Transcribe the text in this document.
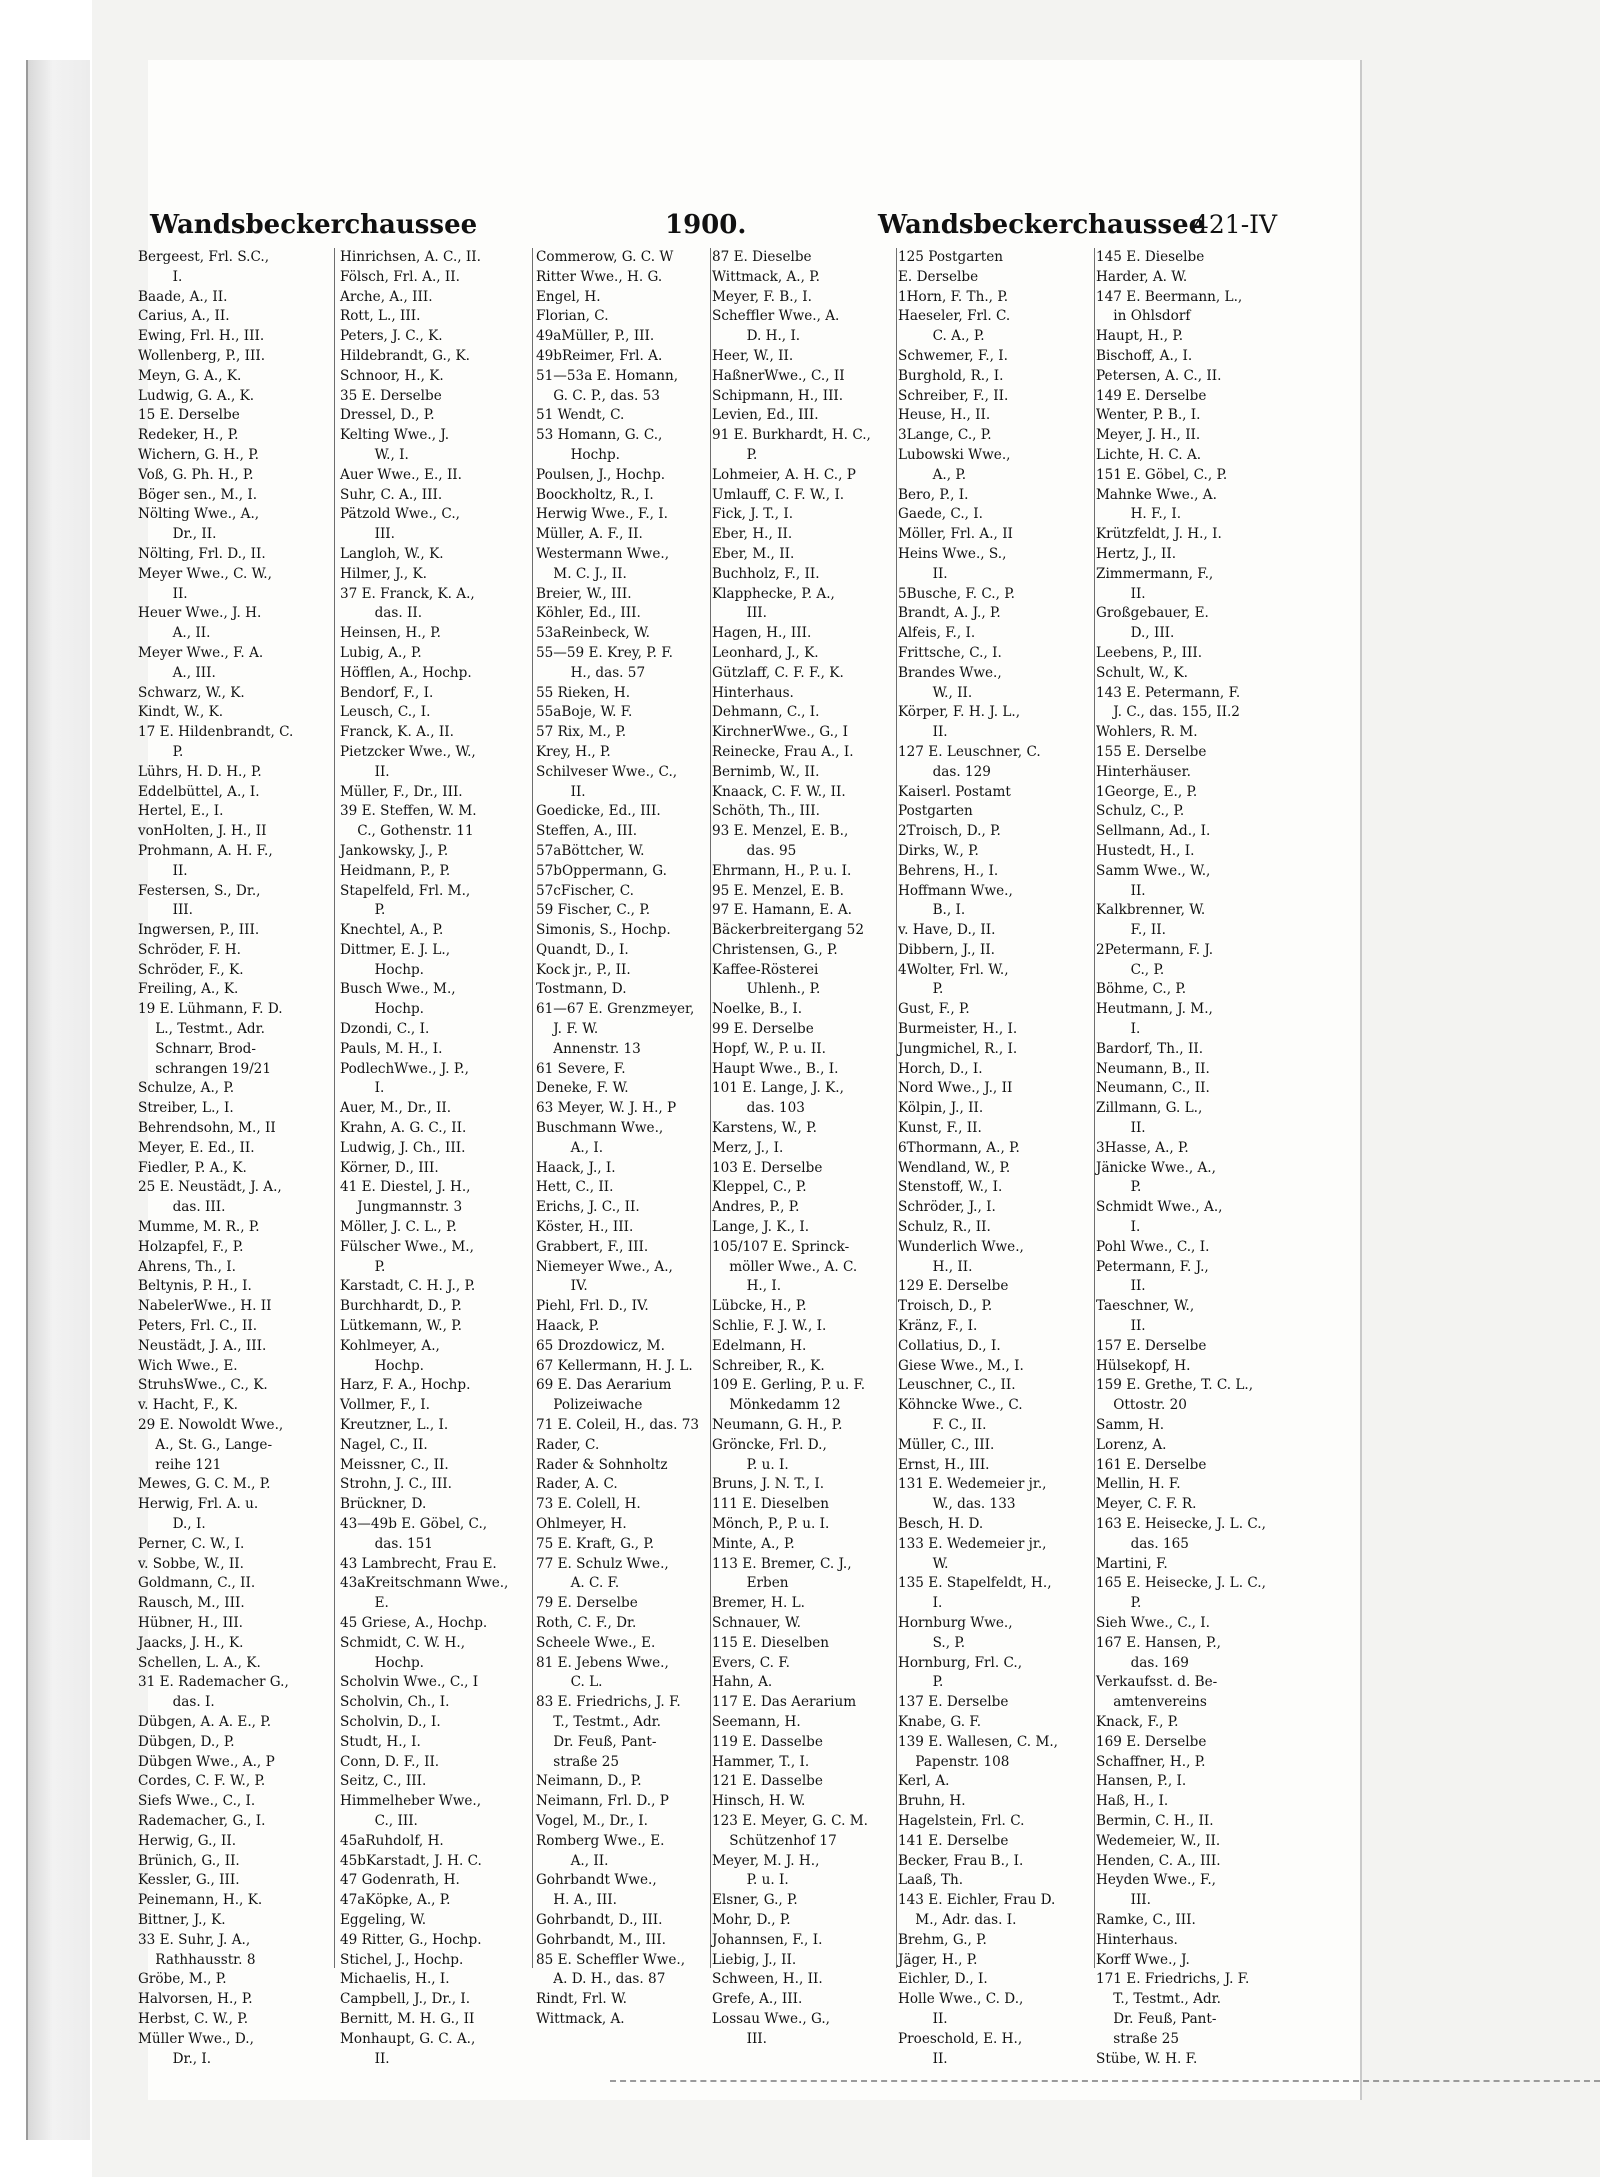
Wandsbeckerchaussee	1900.	Wandsbeckerchaussee
421-IV
Bergeest, Frl. S.C.,
I.
Baade, A., II.
Carius, A., II.
Ewing, Frl. H., III.
Wollenberg, P., III.
Meyn, G. A., K.
Ludwig, G. A., K.
15 E. Derselbe
Redeker, H., P.
Wichern, G. H., P.
Voß, G. Ph. H., P.
Böger sen., M., I.
Nölting Wwe., A.,
Dr., II.
Nölting, Frl. D., II.
Meyer Wwe., C. W.,
II.
Heuer Wwe., J. H.
A., II.
Meyer Wwe., F. A.
A., III.
Schwarz, W., K.
Kindt, W., K.
17 E. Hildenbrandt, C.
P.
Lührs, H. D. H., P.
Eddelbüttel, A., I.
Hertel, E., I.
vonHolten, J. H., II
Prohmann, A. H. F.,
II.
Festersen, S., Dr.,
III.
Ingwersen, P., III.
Schröder, F. H.
Schröder, F., K.
Freiling, A., K.
19 E. Lühmann, F. D.
L., Testmt., Adr.
Schnarr, Brod-
schrangen 19/21
Schulze, A., P.
Streiber, L., I.
Behrendsohn, M., II
Meyer, E. Ed., II.
Fiedler, P. A., K.
25 E. Neustädt, J. A.,
das. III.
Mumme, M. R., P.
Holzapfel, F., P.
Ahrens, Th., I.
Beltynis, P. H., I.
NabelerWwe., H. II
Peters, Frl. C., II.
Neustädt, J. A., III.
Wich Wwe., E.
StruhsWwe., C., K.
v. Hacht, F., K.
29 E. Nowoldt Wwe.,
A., St. G., Lange-
reihe 121
Mewes, G. C. M., P.
Herwig, Frl. A. u.
D., I.
Perner, C. W., I.
v. Sobbe, W., II.
Goldmann, C., II.
Rausch, M., III.
Hübner, H., III.
Jaacks, J. H., K.
Schellen, L. A., K.
31 E. Rademacher G.,
das. I.
Dübgen, A. A. E., P.
Dübgen, D., P.
Dübgen Wwe., A., P
Cordes, C. F. W., P.
Siefs Wwe., C., I.
Rademacher, G., I.
Herwig, G., II.
Brünich, G., II.
Kessler, G., III.
Peinemann, H., K.
Bittner, J., K.
33 E. Suhr, J. A.,
Rathhausstr. 8
Gröbe, M., P.
Halvorsen, H., P.
Herbst, C. W., P.
Müller Wwe., D.,
Dr., I.
Hinrichsen, A. C., II.
Fölsch, Frl. A., II.
Arche, A., III.
Rott, L., III.
Peters, J. C., K.
Hildebrandt, G., K.
Schnoor, H., K.
35 E. Derselbe
Dressel, D., P.
Kelting Wwe., J.
W., I.
Auer Wwe., E., II.
Suhr, C. A., III.
Pätzold Wwe., C.,
III.
Langloh, W., K.
Hilmer, J., K.
37 E. Franck, K. A.,
das. II.
Heinsen, H., P.
Lubig, A., P.
Höfflen, A., Hochp.
Bendorf, F., I.
Leusch, C., I.
Franck, K. A., II.
Pietzcker Wwe., W.,
II.
Müller, F., Dr., III.
39 E. Steffen, W. M.
C., Gothenstr. 11
Jankowsky, J., P.
Heidmann, P., P.
Stapelfeld, Frl. M.,
P.
Knechtel, A., P.
Dittmer, E. J. L.,
Hochp.
Busch Wwe., M.,
Hochp.
Dzondi, C., I.
Pauls, M. H., I.
PodlechWwe., J. P.,
I.
Auer, M., Dr., II.
Krahn, A. G. C., II.
Ludwig, J. Ch., III.
Körner, D., III.
41 E. Diestel, J. H.,
Jungmannstr. 3
Möller, J. C. L., P.
Fülscher Wwe., M.,
P.
Karstadt, C. H. J., P.
Burchhardt, D., P.
Lütkemann, W., P.
Kohlmeyer, A.,
Hochp.
Harz, F. A., Hochp.
Vollmer, F., I.
Kreutzner, L., I.
Nagel, C., II.
Meissner, C., II.
Strohn, J. C., III.
Brückner, D.
43—49b E. Göbel, C.,
das. 151
43 Lambrecht, Frau E.
43aKreitschmann Wwe.,
E.
45 Griese, A., Hochp.
Schmidt, C. W. H.,
Hochp.
Scholvin Wwe., C., I
Scholvin, Ch., I.
Scholvin, D., I.
Studt, H., I.
Conn, D. F., II.
Seitz, C., III.
Himmelheber Wwe.,
C., III.
45aRuhdolf, H.
45bKarstadt, J. H. C.
47 Godenrath, H.
47aKöpke, A., P.
Eggeling, W.
49 Ritter, G., Hochp.
Stichel, J., Hochp.
Michaelis, H., I.
Campbell, J., Dr., I.
Bernitt, M. H. G., II
Monhaupt, G. C. A.,
II.
Commerow, G. C. W
Ritter Wwe., H. G.
Engel, H.
Florian, C.
49aMüller, P., III.
49bReimer, Frl. A.
51—53a E. Homann,
G. C. P., das. 53
51 Wendt, C.
53 Homann, G. C.,
Hochp.
Poulsen, J., Hochp.
Boockholtz, R., I.
Herwig Wwe., F., I.
Müller, A. F., II.
Westermann Wwe.,
M. C. J., II.
Breier, W., III.
Köhler, Ed., III.
53aReinbeck, W.
55—59 E. Krey, P. F.
H., das. 57
55 Rieken, H.
55aBoje, W. F.
57 Rix, M., P.
Krey, H., P.
Schilveser Wwe., C.,
II.
Goedicke, Ed., III.
Steffen, A., III.
57aBöttcher, W.
57bOppermann, G.
57cFischer, C.
59 Fischer, C., P.
Simonis, S., Hochp.
Quandt, D., I.
Kock jr., P., II.
Tostmann, D.
61—67 E. Grenzmeyer,
J. F. W.
Annenstr. 13
61 Severe, F.
Deneke, F. W.
63 Meyer, W. J. H., P
Buschmann Wwe.,
A., I.
Haack, J., I.
Hett, C., II.
Erichs, J. C., II.
Köster, H., III.
Grabbert, F., III.
Niemeyer Wwe., A.,
IV.
Piehl, Frl. D., IV.
Haack, P.
65 Drozdowicz, M.
67 Kellermann, H. J. L.
69 E. Das Aerarium
Polizeiwache
71 E. Coleil, H., das. 73
Rader, C.
Rader & Sohnholtz
Rader, A. C.
73 E. Colell, H.
Ohlmeyer, H.
75 E. Kraft, G., P.
77 E. Schulz Wwe.,
A. C. F.
79 E. Derselbe
Roth, C. F., Dr.
Scheele Wwe., E.
81 E. Jebens Wwe.,
C. L.
83 E. Friedrichs, J. F.
T., Testmt., Adr.
Dr. Feuß, Pant-
straße 25
Neimann, D., P.
Neimann, Frl. D., P
Vogel, M., Dr., I.
Romberg Wwe., E.
A., II.
Gohrbandt Wwe.,
H. A., III.
Gohrbandt, D., III.
Gohrbandt, M., III.
85 E. Scheffler Wwe.,
A. D. H., das. 87
Rindt, Frl. W.
Wittmack, A.
87 E. Dieselbe
Wittmack, A., P.
Meyer, F. B., I.
Scheffler Wwe., A.
D. H., I.
Heer, W., II.
HaßnerWwe., C., II
Schipmann, H., III.
Levien, Ed., III.
91 E. Burkhardt, H. C.,
P.
Lohmeier, A. H. C., P
Umlauff, C. F. W., I.
Fick, J. T., I.
Eber, H., II.
Eber, M., II.
Buchholz, F., II.
Klapphecke, P. A.,
III.
Hagen, H., III.
Leonhard, J., K.
Gützlaff, C. F. F., K.
Hinterhaus.
Dehmann, C., I.
KirchnerWwe., G., I
Reinecke, Frau A., I.
Bernimb, W., II.
Knaack, C. F. W., II.
Schöth, Th., III.
93 E. Menzel, E. B.,
das. 95
Ehrmann, H., P. u. I.
95 E. Menzel, E. B.
97 E. Hamann, E. A.
Bäckerbreitergang 52
Christensen, G., P.
Kaffee-Rösterei
Uhlenh., P.
Noelke, B., I.
99 E. Derselbe
Hopf, W., P. u. II.
Haupt Wwe., B., I.
101 E. Lange, J. K.,
das. 103
Karstens, W., P.
Merz, J., I.
103 E. Derselbe
Kleppel, C., P.
Andres, P., P.
Lange, J. K., I.
105/107 E. Sprinck-
möller Wwe., A. C.
H., I.
Lübcke, H., P.
Schlie, F. J. W., I.
Edelmann, H.
Schreiber, R., K.
109 E. Gerling, P. u. F.
Mönkedamm 12
Neumann, G. H., P.
Gröncke, Frl. D.,
P. u. I.
Bruns, J. N. T., I.
111 E. Dieselben
Mönch, P., P. u. I.
Minte, A., P.
113 E. Bremer, C. J.,
Erben
Bremer, H. L.
Schnauer, W.
115 E. Dieselben
Evers, C. F.
Hahn, A.
117 E. Das Aerarium
Seemann, H.
119 E. Dasselbe
Hammer, T., I.
121 E. Dasselbe
Hinsch, H. W.
123 E. Meyer, G. C. M.
Schützenhof 17
Meyer, M. J. H.,
P. u. I.
Elsner, G., P.
Mohr, D., P.
Johannsen, F., I.
Liebig, J., II.
Schween, H., II.
Grefe, A., III.
Lossau Wwe., G.,
III.
125 Postgarten
E. Derselbe
1Horn, F. Th., P.
Haeseler, Frl. C.
C. A., P.
Schwemer, F., I.
Burghold, R., I.
Schreiber, F., II.
Heuse, H., II.
3Lange, C., P.
Lubowski Wwe.,
A., P.
Bero, P., I.
Gaede, C., I.
Möller, Frl. A., II
Heins Wwe., S.,
II.
5Busche, F. C., P.
Brandt, A. J., P.
Alfeis, F., I.
Frittsche, C., I.
Brandes Wwe.,
W., II.
Körper, F. H. J. L.,
II.
127 E. Leuschner, C.
das. 129
Kaiserl. Postamt
Postgarten
2Troisch, D., P.
Dirks, W., P.
Behrens, H., I.
Hoffmann Wwe.,
B., I.
v. Have, D., II.
Dibbern, J., II.
4Wolter, Frl. W.,
P.
Gust, F., P.
Burmeister, H., I.
Jungmichel, R., I.
Horch, D., I.
Nord Wwe., J., II
Kölpin, J., II.
Kunst, F., II.
6Thormann, A., P.
Wendland, W., P.
Stenstoff, W., I.
Schröder, J., I.
Schulz, R., II.
Wunderlich Wwe.,
H., II.
129 E. Derselbe
Troisch, D., P.
Kränz, F., I.
Collatius, D., I.
Giese Wwe., M., I.
Leuschner, C., II.
Köhncke Wwe., C.
F. C., II.
Müller, C., III.
Ernst, H., III.
131 E. Wedemeier jr.,
W., das. 133
Besch, H. D.
133 E. Wedemeier jr.,
W.
135 E. Stapelfeldt, H.,
I.
Hornburg Wwe.,
S., P.
Hornburg, Frl. C.,
P.
137 E. Derselbe
Knabe, G. F.
139 E. Wallesen, C. M.,
Papenstr. 108
Kerl, A.
Bruhn, H.
Hagelstein, Frl. C.
141 E. Derselbe
Becker, Frau B., I.
Laaß, Th.
143 E. Eichler, Frau D.
M., Adr. das. I.
Brehm, G., P.
Jäger, H., P.
Eichler, D., I.
Holle Wwe., C. D.,
II.
Proeschold, E. H.,
II.
145 E. Dieselbe
Harder, A. W.
147 E. Beermann, L.,
in Ohlsdorf
Haupt, H., P.
Bischoff, A., I.
Petersen, A. C., II.
149 E. Derselbe
Wenter, P. B., I.
Meyer, J. H., II.
Lichte, H. C. A.
151 E. Göbel, C., P.
Mahnke Wwe., A.
H. F., I.
Krützfeldt, J. H., I.
Hertz, J., II.
Zimmermann, F.,
II.
Großgebauer, E.
D., III.
Leebens, P., III.
Schult, W., K.
143 E. Petermann, F.
J. C., das. 155, II.2
Wohlers, R. M.
155 E. Derselbe
Hinterhäuser.
1George, E., P.
Schulz, C., P.
Sellmann, Ad., I.
Hustedt, H., I.
Samm Wwe., W.,
II.
Kalkbrenner, W.
F., II.
2Petermann, F. J.
C., P.
Böhme, C., P.
Heutmann, J. M.,
I.
Bardorf, Th., II.
Neumann, B., II.
Neumann, C., II.
Zillmann, G. L.,
II.
3Hasse, A., P.
Jänicke Wwe., A.,
P.
Schmidt Wwe., A.,
I.
Pohl Wwe., C., I.
Petermann, F. J.,
II.
Taeschner, W.,
II.
157 E. Derselbe
Hülsekopf, H.
159 E. Grethe, T. C. L.,
Ottostr. 20
Samm, H.
Lorenz, A.
161 E. Derselbe
Mellin, H. F.
Meyer, C. F. R.
163 E. Heisecke, J. L. C.,
das. 165
Martini, F.
165 E. Heisecke, J. L. C.,
P.
Sieh Wwe., C., I.
167 E. Hansen, P.,
das. 169
Verkaufsst. d. Be-
amtenvereins
Knack, F., P.
169 E. Derselbe
Schaffner, H., P.
Hansen, P., I.
Haß, H., I.
Bermin, C. H., II.
Wedemeier, W., II.
Henden, C. A., III.
Heyden Wwe., F.,
III.
Ramke, C., III.
Hinterhaus.
Korff Wwe., J.
171 E. Friedrichs, J. F.
T., Testmt., Adr.
Dr. Feuß, Pant-
straße 25
Stübe, W. H. F.
